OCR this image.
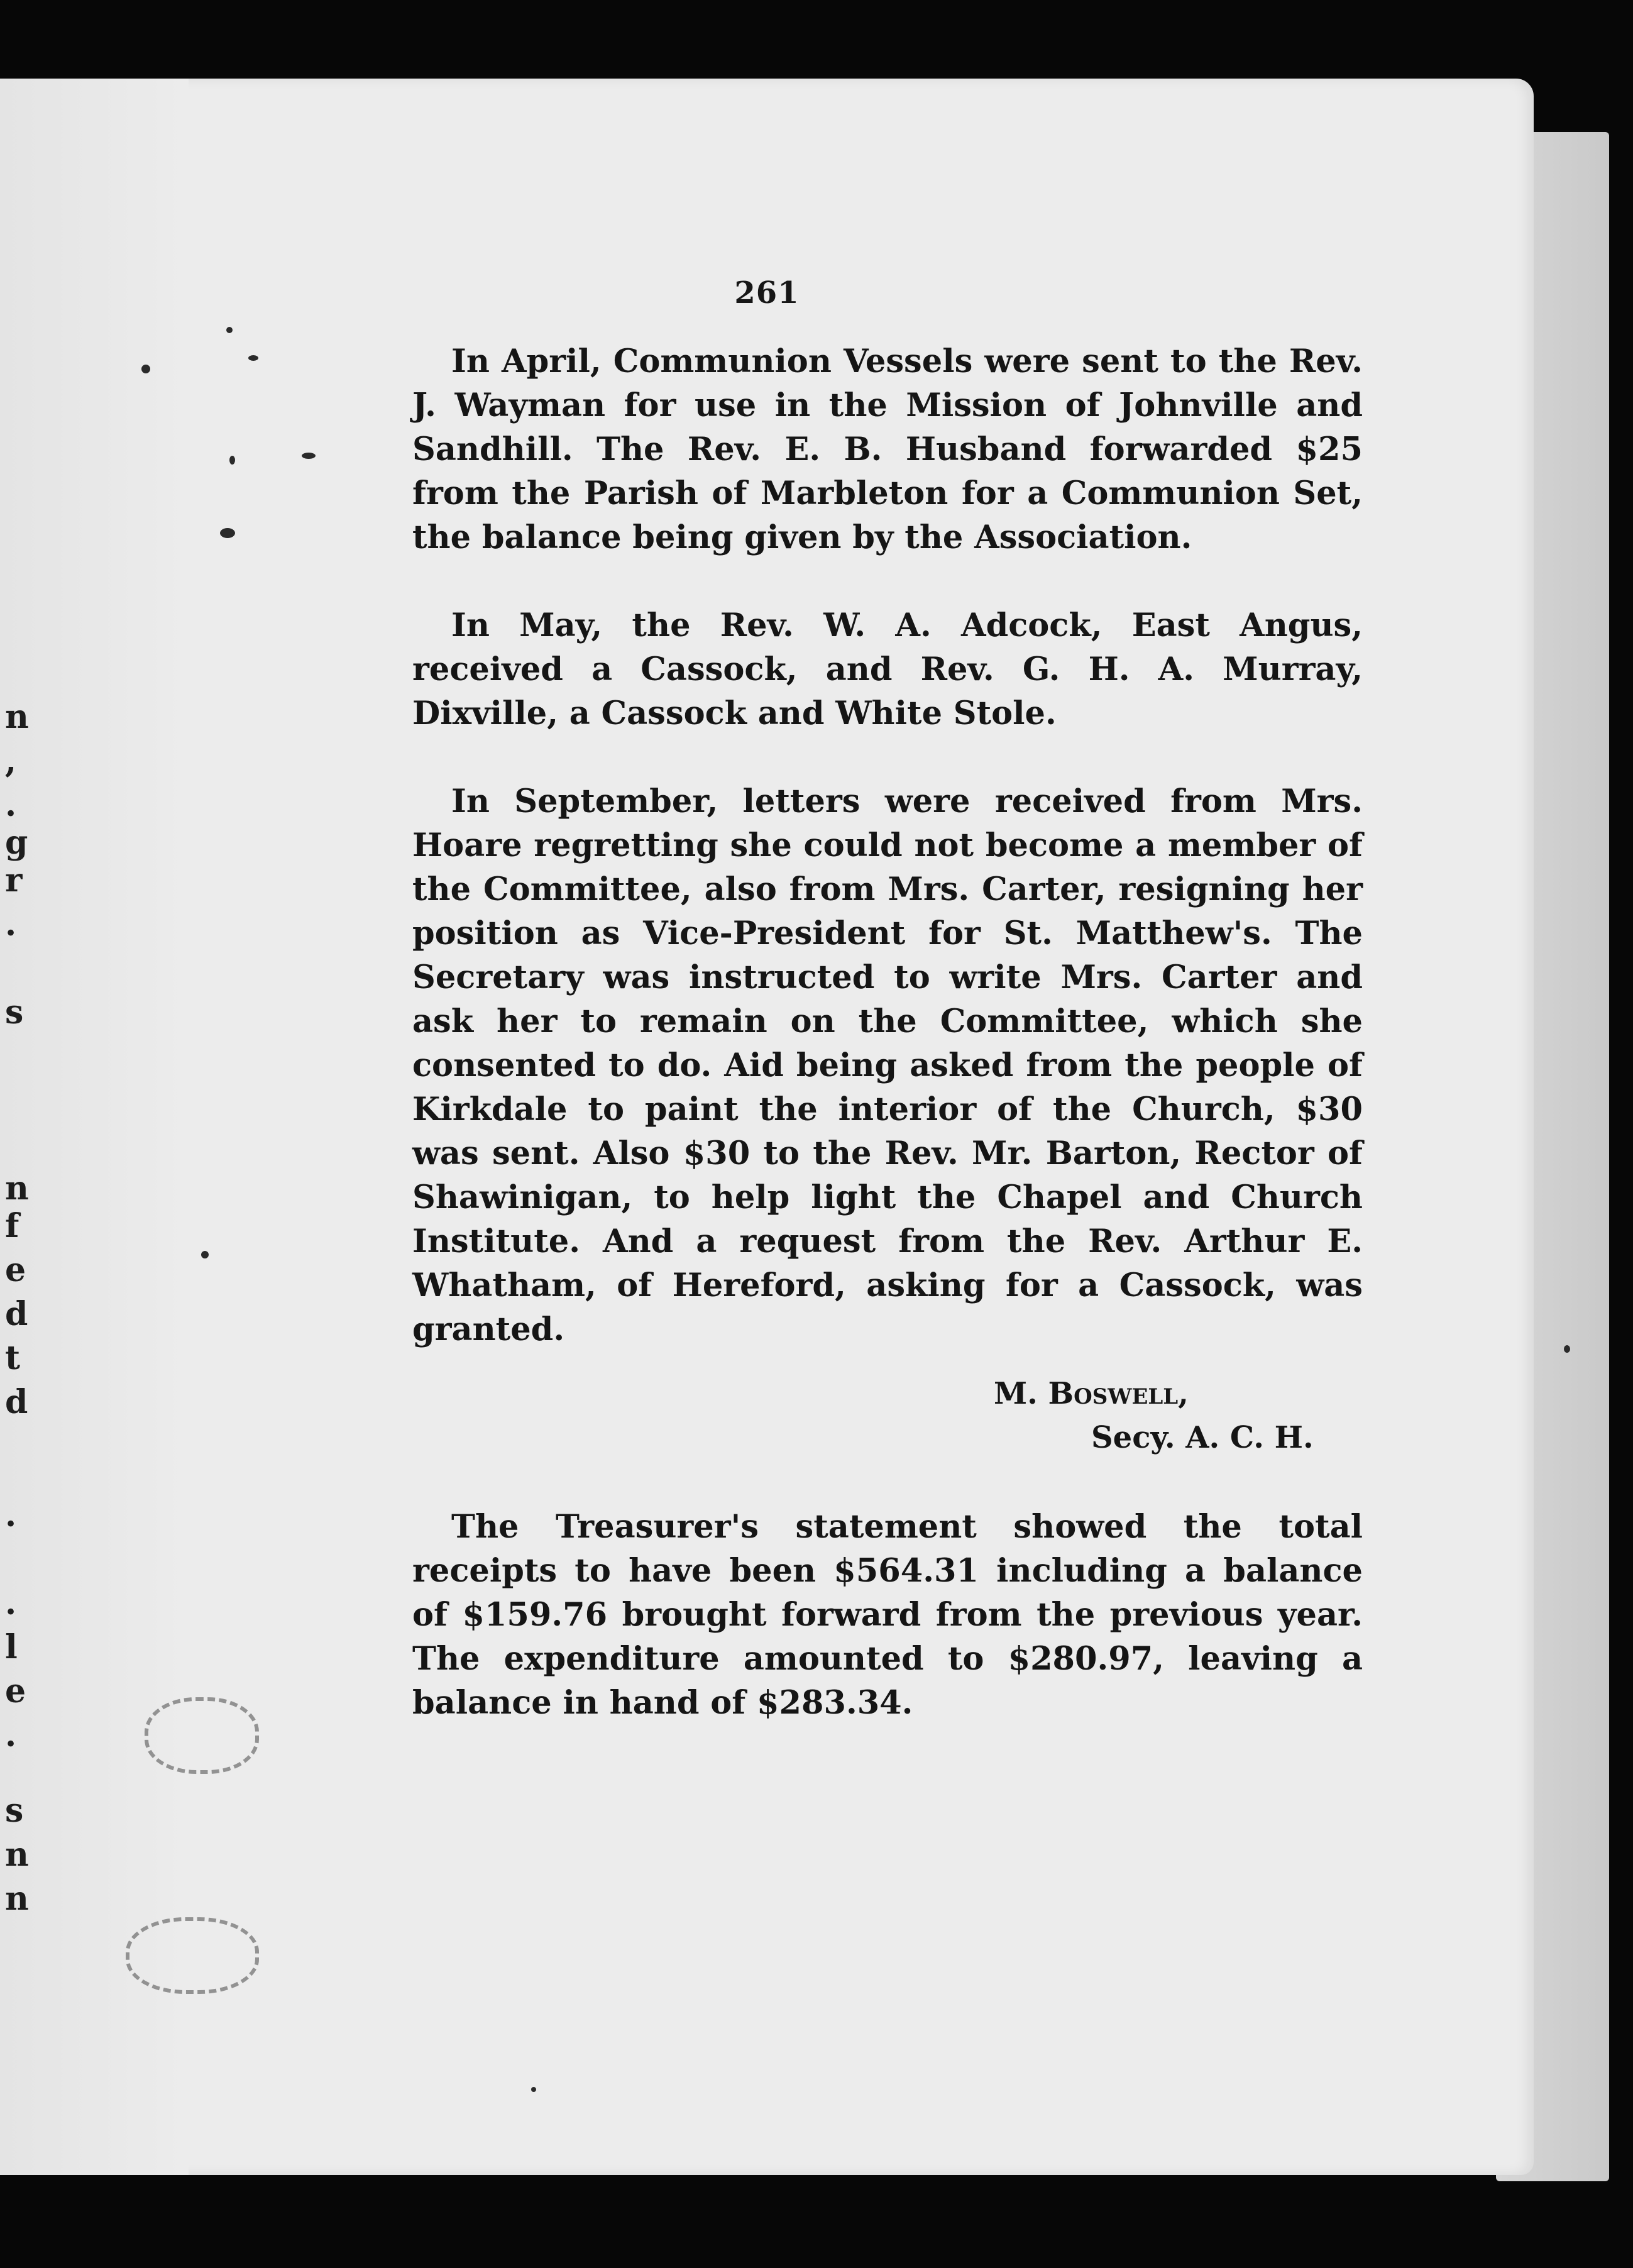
n
,
.
g
r
.
s
n
f
e
d
t
d
.
.
l
e
.
s
n
n
261

In April, Communion Vessels were sent to the Rev. J. Wayman for use in the Mission of Johnville and Sandhill. The Rev. E. B. Husband forwarded $25 from the Parish of Marbleton for a Communion Set, the balance being given by the Association.

In May, the Rev. W. A. Adcock, East Angus, received a Cassock, and Rev. G. H. A. Murray, Dixville, a Cassock and White Stole.

In September, letters were received from Mrs. Hoare regretting she could not become a member of the Committee, also from Mrs. Carter, resigning her position as Vice-President for St. Matthew's. The Secretary was instructed to write Mrs. Carter and ask her to remain on the Committee, which she consented to do. Aid being asked from the people of Kirkdale to paint the interior of the Church, $30 was sent. Also $30 to the Rev. Mr. Barton, Rector of Shawinigan, to help light the Chapel and Church Institute. And a request from the Rev. Arthur E. Whatham, of Hereford, asking for a Cassock, was granted.

M. Boswell,
Secy. A. C. H.

The Treasurer's statement showed the total receipts to have been $564.31 including a balance of $159.76 brought forward from the previous year. The expenditure amounted to $280.97, leaving a balance in hand of $283.34.
